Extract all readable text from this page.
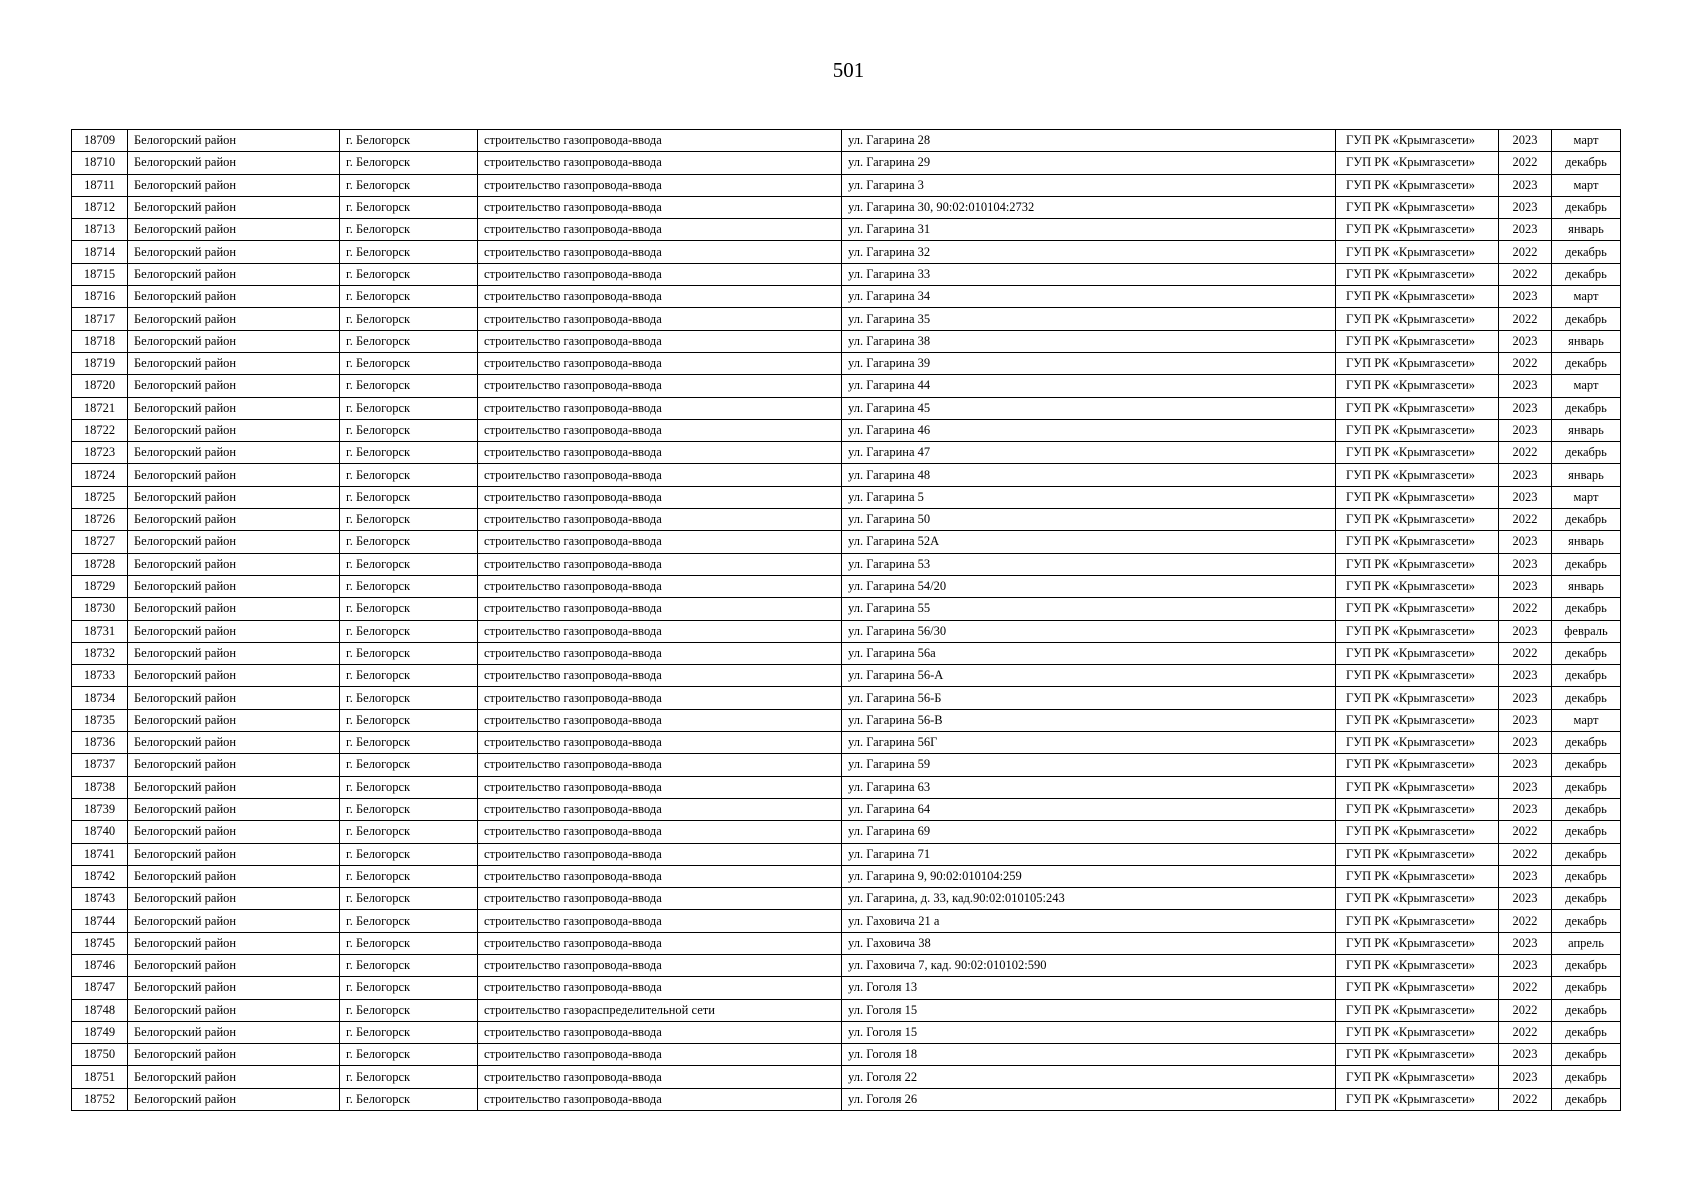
501
18709	Белогорский район	г. Белогорск	строительство газопровода-ввода	ул. Гагарина 28	ГУП РК «Крымгазсети»	2023	март
18710	Белогорский район	г. Белогорск	строительство газопровода-ввода	ул. Гагарина 29	ГУП РК «Крымгазсети»	2022	декабрь
18711	Белогорский район	г. Белогорск	строительство газопровода-ввода	ул. Гагарина 3	ГУП РК «Крымгазсети»	2023	март
18712	Белогорский район	г. Белогорск	строительство газопровода-ввода	ул. Гагарина 30, 90:02:010104:2732	ГУП РК «Крымгазсети»	2023	декабрь
18713	Белогорский район	г. Белогорск	строительство газопровода-ввода	ул. Гагарина 31	ГУП РК «Крымгазсети»	2023	январь
18714	Белогорский район	г. Белогорск	строительство газопровода-ввода	ул. Гагарина 32	ГУП РК «Крымгазсети»	2022	декабрь
18715	Белогорский район	г. Белогорск	строительство газопровода-ввода	ул. Гагарина 33	ГУП РК «Крымгазсети»	2022	декабрь
18716	Белогорский район	г. Белогорск	строительство газопровода-ввода	ул. Гагарина 34	ГУП РК «Крымгазсети»	2023	март
18717	Белогорский район	г. Белогорск	строительство газопровода-ввода	ул. Гагарина 35	ГУП РК «Крымгазсети»	2022	декабрь
18718	Белогорский район	г. Белогорск	строительство газопровода-ввода	ул. Гагарина 38	ГУП РК «Крымгазсети»	2023	январь
18719	Белогорский район	г. Белогорск	строительство газопровода-ввода	ул. Гагарина 39	ГУП РК «Крымгазсети»	2022	декабрь
18720	Белогорский район	г. Белогорск	строительство газопровода-ввода	ул. Гагарина 44	ГУП РК «Крымгазсети»	2023	март
18721	Белогорский район	г. Белогорск	строительство газопровода-ввода	ул. Гагарина 45	ГУП РК «Крымгазсети»	2023	декабрь
18722	Белогорский район	г. Белогорск	строительство газопровода-ввода	ул. Гагарина 46	ГУП РК «Крымгазсети»	2023	январь
18723	Белогорский район	г. Белогорск	строительство газопровода-ввода	ул. Гагарина 47	ГУП РК «Крымгазсети»	2022	декабрь
18724	Белогорский район	г. Белогорск	строительство газопровода-ввода	ул. Гагарина 48	ГУП РК «Крымгазсети»	2023	январь
18725	Белогорский район	г. Белогорск	строительство газопровода-ввода	ул. Гагарина 5	ГУП РК «Крымгазсети»	2023	март
18726	Белогорский район	г. Белогорск	строительство газопровода-ввода	ул. Гагарина 50	ГУП РК «Крымгазсети»	2022	декабрь
18727	Белогорский район	г. Белогорск	строительство газопровода-ввода	ул. Гагарина 52А	ГУП РК «Крымгазсети»	2023	январь
18728	Белогорский район	г. Белогорск	строительство газопровода-ввода	ул. Гагарина 53	ГУП РК «Крымгазсети»	2023	декабрь
18729	Белогорский район	г. Белогорск	строительство газопровода-ввода	ул. Гагарина 54/20	ГУП РК «Крымгазсети»	2023	январь
18730	Белогорский район	г. Белогорск	строительство газопровода-ввода	ул. Гагарина 55	ГУП РК «Крымгазсети»	2022	декабрь
18731	Белогорский район	г. Белогорск	строительство газопровода-ввода	ул. Гагарина 56/30	ГУП РК «Крымгазсети»	2023	февраль
18732	Белогорский район	г. Белогорск	строительство газопровода-ввода	ул. Гагарина 56а	ГУП РК «Крымгазсети»	2022	декабрь
18733	Белогорский район	г. Белогорск	строительство газопровода-ввода	ул. Гагарина 56-А	ГУП РК «Крымгазсети»	2023	декабрь
18734	Белогорский район	г. Белогорск	строительство газопровода-ввода	ул. Гагарина 56-Б	ГУП РК «Крымгазсети»	2023	декабрь
18735	Белогорский район	г. Белогорск	строительство газопровода-ввода	ул. Гагарина 56-В	ГУП РК «Крымгазсети»	2023	март
18736	Белогорский район	г. Белогорск	строительство газопровода-ввода	ул. Гагарина 56Г	ГУП РК «Крымгазсети»	2023	декабрь
18737	Белогорский район	г. Белогорск	строительство газопровода-ввода	ул. Гагарина 59	ГУП РК «Крымгазсети»	2023	декабрь
18738	Белогорский район	г. Белогорск	строительство газопровода-ввода	ул. Гагарина 63	ГУП РК «Крымгазсети»	2023	декабрь
18739	Белогорский район	г. Белогорск	строительство газопровода-ввода	ул. Гагарина 64	ГУП РК «Крымгазсети»	2023	декабрь
18740	Белогорский район	г. Белогорск	строительство газопровода-ввода	ул. Гагарина 69	ГУП РК «Крымгазсети»	2022	декабрь
18741	Белогорский район	г. Белогорск	строительство газопровода-ввода	ул. Гагарина 71	ГУП РК «Крымгазсети»	2022	декабрь
18742	Белогорский район	г. Белогорск	строительство газопровода-ввода	ул. Гагарина 9, 90:02:010104:259	ГУП РК «Крымгазсети»	2023	декабрь
18743	Белогорский район	г. Белогорск	строительство газопровода-ввода	ул. Гагарина, д. 33, кад.90:02:010105:243	ГУП РК «Крымгазсети»	2023	декабрь
18744	Белогорский район	г. Белогорск	строительство газопровода-ввода	ул. Гаховича 21 а	ГУП РК «Крымгазсети»	2022	декабрь
18745	Белогорский район	г. Белогорск	строительство газопровода-ввода	ул. Гаховича 38	ГУП РК «Крымгазсети»	2023	апрель
18746	Белогорский район	г. Белогорск	строительство газопровода-ввода	ул. Гаховича 7, кад. 90:02:010102:590	ГУП РК «Крымгазсети»	2023	декабрь
18747	Белогорский район	г. Белогорск	строительство газопровода-ввода	ул. Гоголя 13	ГУП РК «Крымгазсети»	2022	декабрь
18748	Белогорский район	г. Белогорск	строительство газораспределительной сети	ул. Гоголя 15	ГУП РК «Крымгазсети»	2022	декабрь
18749	Белогорский район	г. Белогорск	строительство газопровода-ввода	ул. Гоголя 15	ГУП РК «Крымгазсети»	2022	декабрь
18750	Белогорский район	г. Белогорск	строительство газопровода-ввода	ул. Гоголя 18	ГУП РК «Крымгазсети»	2023	декабрь
18751	Белогорский район	г. Белогорск	строительство газопровода-ввода	ул. Гоголя 22	ГУП РК «Крымгазсети»	2023	декабрь
18752	Белогорский район	г. Белогорск	строительство газопровода-ввода	ул. Гоголя 26	ГУП РК «Крымгазсети»	2022	декабрь
